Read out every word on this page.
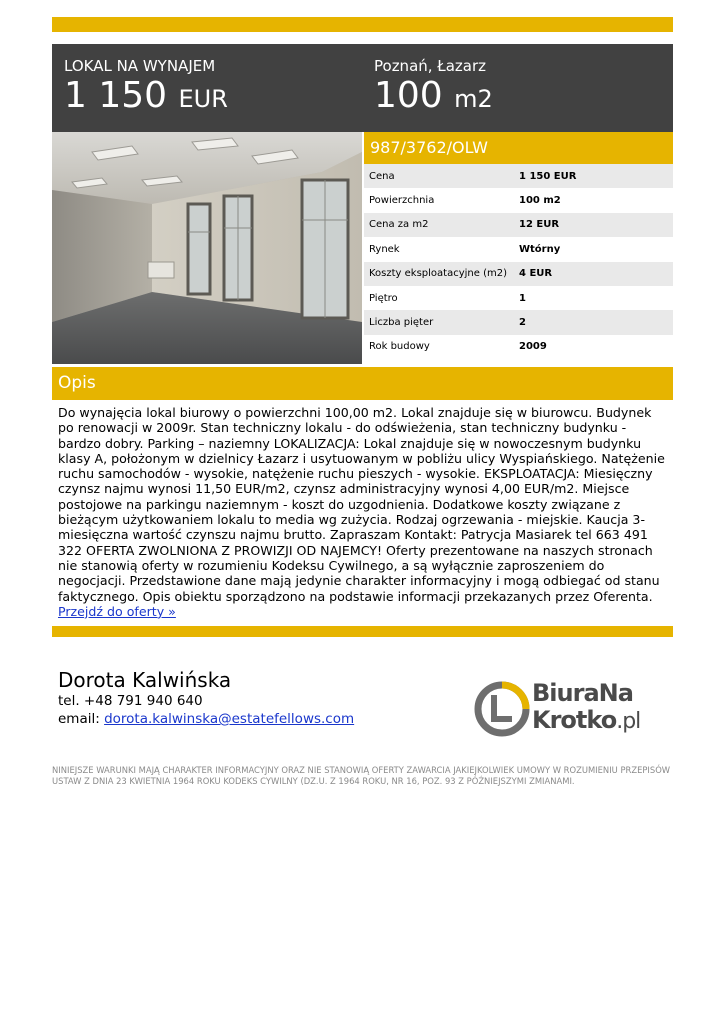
LOKAL NA WYNAJEM
1 150 EUR
Poznań, Łazarz
100 m2
987/3762/OLW
Cena	1 150 EUR
Powierzchnia	100 m2
Cena za m2	12 EUR
Rynek	Wtórny
Koszty eksploatacyjne (m2)	4 EUR
Piętro	1
Liczba pięter	2
Rok budowy	2009
Opis
Do wynajęcia lokal biurowy o powierzchni 100,00 m2. Lokal znajduje się w biurowcu. Budynek po renowacji w 2009r. Stan techniczny lokalu - do odświeżenia, stan techniczny budynku - bardzo dobry. Parking – naziemny LOKALIZACJA: Lokal znajduje się w nowoczesnym budynku klasy A, położonym w dzielnicy Łazarz i usytuowanym w pobliżu ulicy Wyspiańskiego. Natężenie ruchu samochodów - wysokie, natężenie ruchu pieszych - wysokie. EKSPLOATACJA: Miesięczny czynsz najmu wynosi 11,50 EUR/m2, czynsz administracyjny wynosi 4,00 EUR/m2. Miejsce postojowe na parkingu naziemnym - koszt do uzgodnienia. Dodatkowe koszty związane z bieżącym użytkowaniem lokalu to media wg zużycia. Rodzaj ogrzewania - miejskie. Kaucja 3-miesięczna wartość czynszu najmu brutto. Zapraszam Kontakt: Patrycja Masiarek tel 663 491 322 OFERTA ZWOLNIONA Z PROWIZJI OD NAJEMCY! Oferty prezentowane na naszych stronach nie stanowią oferty w rozumieniu Kodeksu Cywilnego, a są wyłącznie zaproszeniem do negocjacji. Przedstawione dane mają jedynie charakter informacyjny i mogą odbiegać od stanu faktycznego. Opis obiektu sporządzono na podstawie informacji przekazanych przez Oferenta. Przejdź do oferty »
Dorota Kalwińska
tel. +48 791 940 640
email: dorota.kalwinska@estatefellows.com
BiuraNa
Krotko.pl
NINIEJSZE WARUNKI MAJĄ CHARAKTER INFORMACYJNY ORAZ NIE STANOWIĄ OFERTY ZAWARCIA JAKIEJKOLWIEK UMOWY W ROZUMIENIU PRZEPISÓW USTAW Z DNIA 23 KWIETNIA 1964 ROKU KODEKS CYWILNY (DZ.U. Z 1964 ROKU, NR 16, POZ. 93 Z PÓŹNIEJSZYMI ZMIANAMI.
